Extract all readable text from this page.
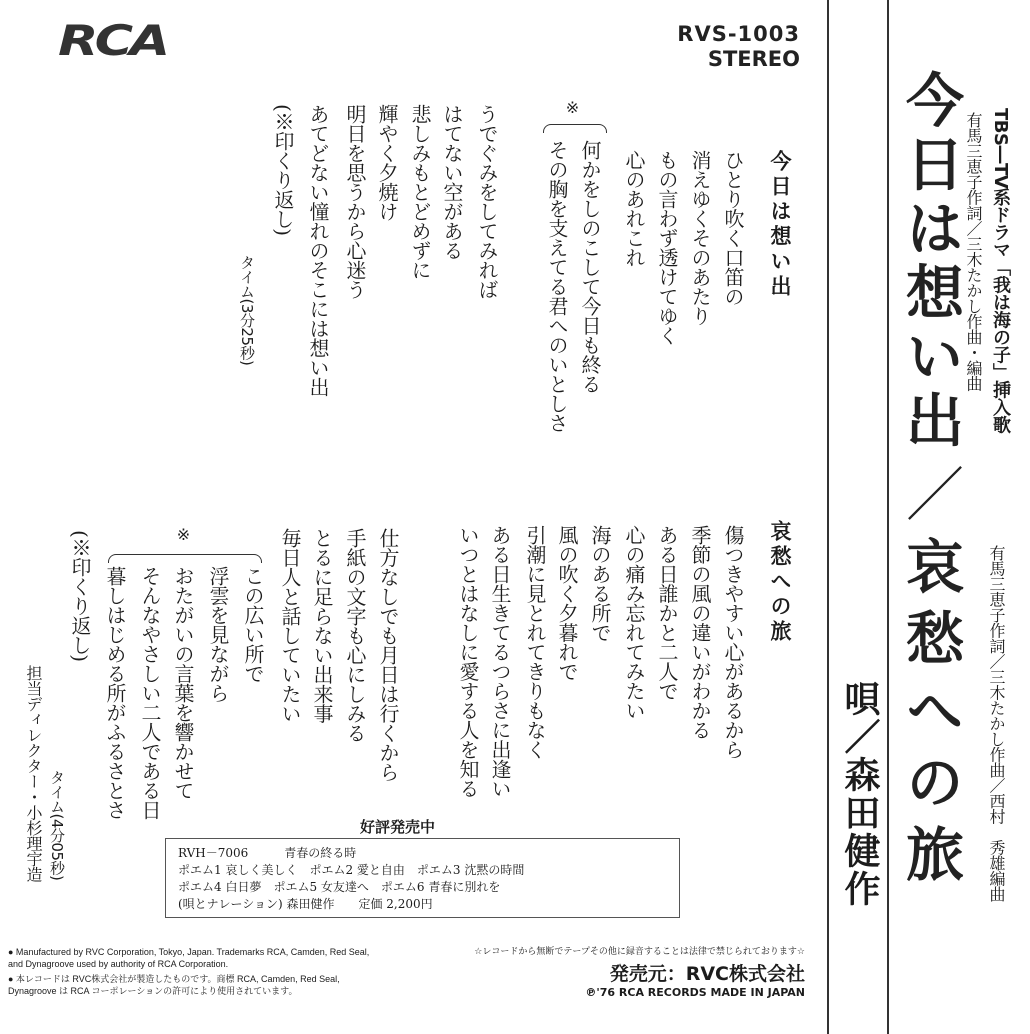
RCA	RVS-1003
STEREO
今日は想い出
ひとり吹く口笛の
消えゆくそのあたり
もの言わず透けてゆく
心のあれこれ
※
何かをしのこして今日も終る
その胸を支えてる君へのいとしさ
うでぐみをしてみれば
はてない空がある
悲しみもとどめずに
輝やく夕焼け
明日を思うから心迷う
あてどない憧れのそこには想い出
(※印くり返し)
タイム(3分25秒)
哀愁への旅
傷つきやすい心があるから
季節の風の違いがわかる
ある日誰かと二人で
心の痛み忘れてみたい
海のある所で
風の吹く夕暮れで
引潮に見とれてきりもなく
ある日生きてるつらさに出逢い
いつとはなしに愛する人を知る
仕方なしでも月日は行くから
手紙の文字も心にしみる
とるに足らない出来事
毎日人と話していたい
※
この広い所で
浮雲を見ながら
おたがいの言葉を響かせて
そんなやさしい二人である日
暮しはじめる所がふるさとさ
(※印くり返し)
タイム(4分05秒)
担当ディレクター・小杉理宇造	RVH－7006　　　青春の終る時
ポエム1 哀しく美しく　ポエム2 愛と自由　ポエム3 沈黙の時間
ポエム4 白日夢　ポエム5 女友達へ　ポエム6 青春に別れを
(唄とナレーション) 森田健作　　定価 2,200円
好評発売中

● Manufactured by RVC Corporation, Tokyo, Japan. Trademarks RCA, Camden, Red Seal, and Dynagroove used by authority of RCA Corporation.

● 本レコードは RVC株式会社が製造したものです。商標 RCA, Camden, Red Seal, Dynagroove は RCA コーポレーションの許可により使用されています。

☆レコードから無断でテープその他に録音することは法律で禁じられております☆
発売元：RVC株式会社
℗'76 RCA RECORDS MADE IN JAPAN
TBS―TV系ドラマ「我は海の子」挿入歌
有馬三恵子作詞／三木たかし作曲・編曲
今日は想い出
／
哀愁への旅 有馬三恵子作詞／三木たかし作曲／西村　秀雄編曲
唄／森田健作
